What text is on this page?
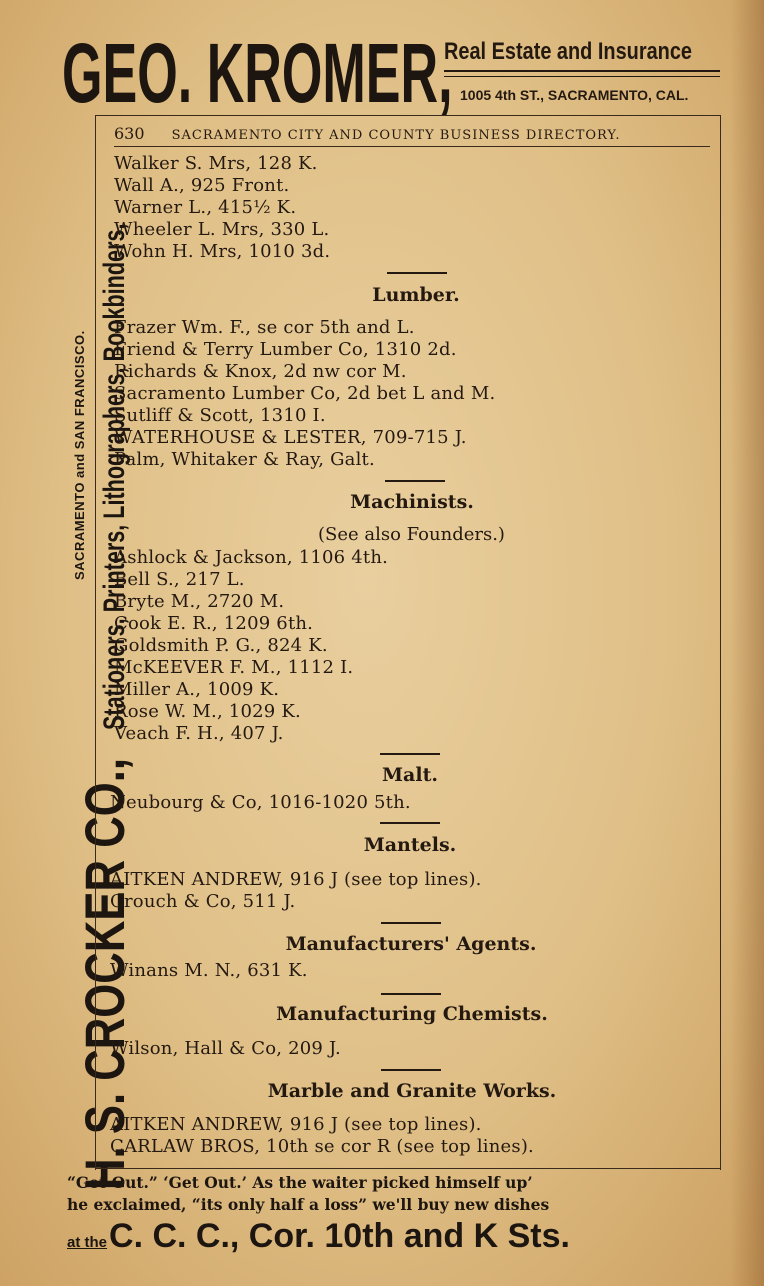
GEO. KROMER,
Real Estate and Insurance
1005 4th ST., SACRAMENTO, CAL.
H. S. CROCKER CO.,
Stationers, Printers, Lithographers, Bookbinders,
SACRAMENTO and SAN FRANCISCO.
630 SACRAMENTO CITY AND COUNTY BUSINESS DIRECTORY.
Walker S. Mrs, 128 K.
Wall A., 925 Front.
Warner L., 415½ K.
Wheeler L. Mrs, 330 L.
Wohn H. Mrs, 1010 3d.
Lumber.
Frazer Wm. F., se cor 5th and L.
Friend & Terry Lumber Co, 1310 2d.
Richards & Knox, 2d nw cor M.
Sacramento Lumber Co, 2d bet L and M.
Sutliff & Scott, 1310 I.
WATERHOUSE & LESTER, 709-715 J.
Palm, Whitaker & Ray, Galt.
Machinists.
(See also Founders.)
Ashlock & Jackson, 1106 4th.
Bell S., 217 L.
Bryte M., 2720 M.
Cook E. R., 1209 6th.
Goldsmith P. G., 824 K.
McKEEVER F. M., 1112 I.
Miller A., 1009 K.
Rose W. M., 1029 K.
Veach F. H., 407 J.
Malt.
Neubourg & Co, 1016-1020 5th.
Mantels.
AITKEN ANDREW, 916 J (see top lines).
Crouch & Co, 511 J.
Manufacturers' Agents.
Winans M. N., 631 K.
Manufacturing Chemists.
Wilson, Hall & Co, 209 J.
Marble and Granite Works.
AITKEN ANDREW, 916 J (see top lines).
CARLAW BROS, 10th se cor R (see top lines).
“Get Out.” ‘Get Out.’ As the waiter picked himself up’
he exclaimed, “its only half a loss” we'll buy new dishes
at theC. C. C., Cor. 10th and K Sts.
